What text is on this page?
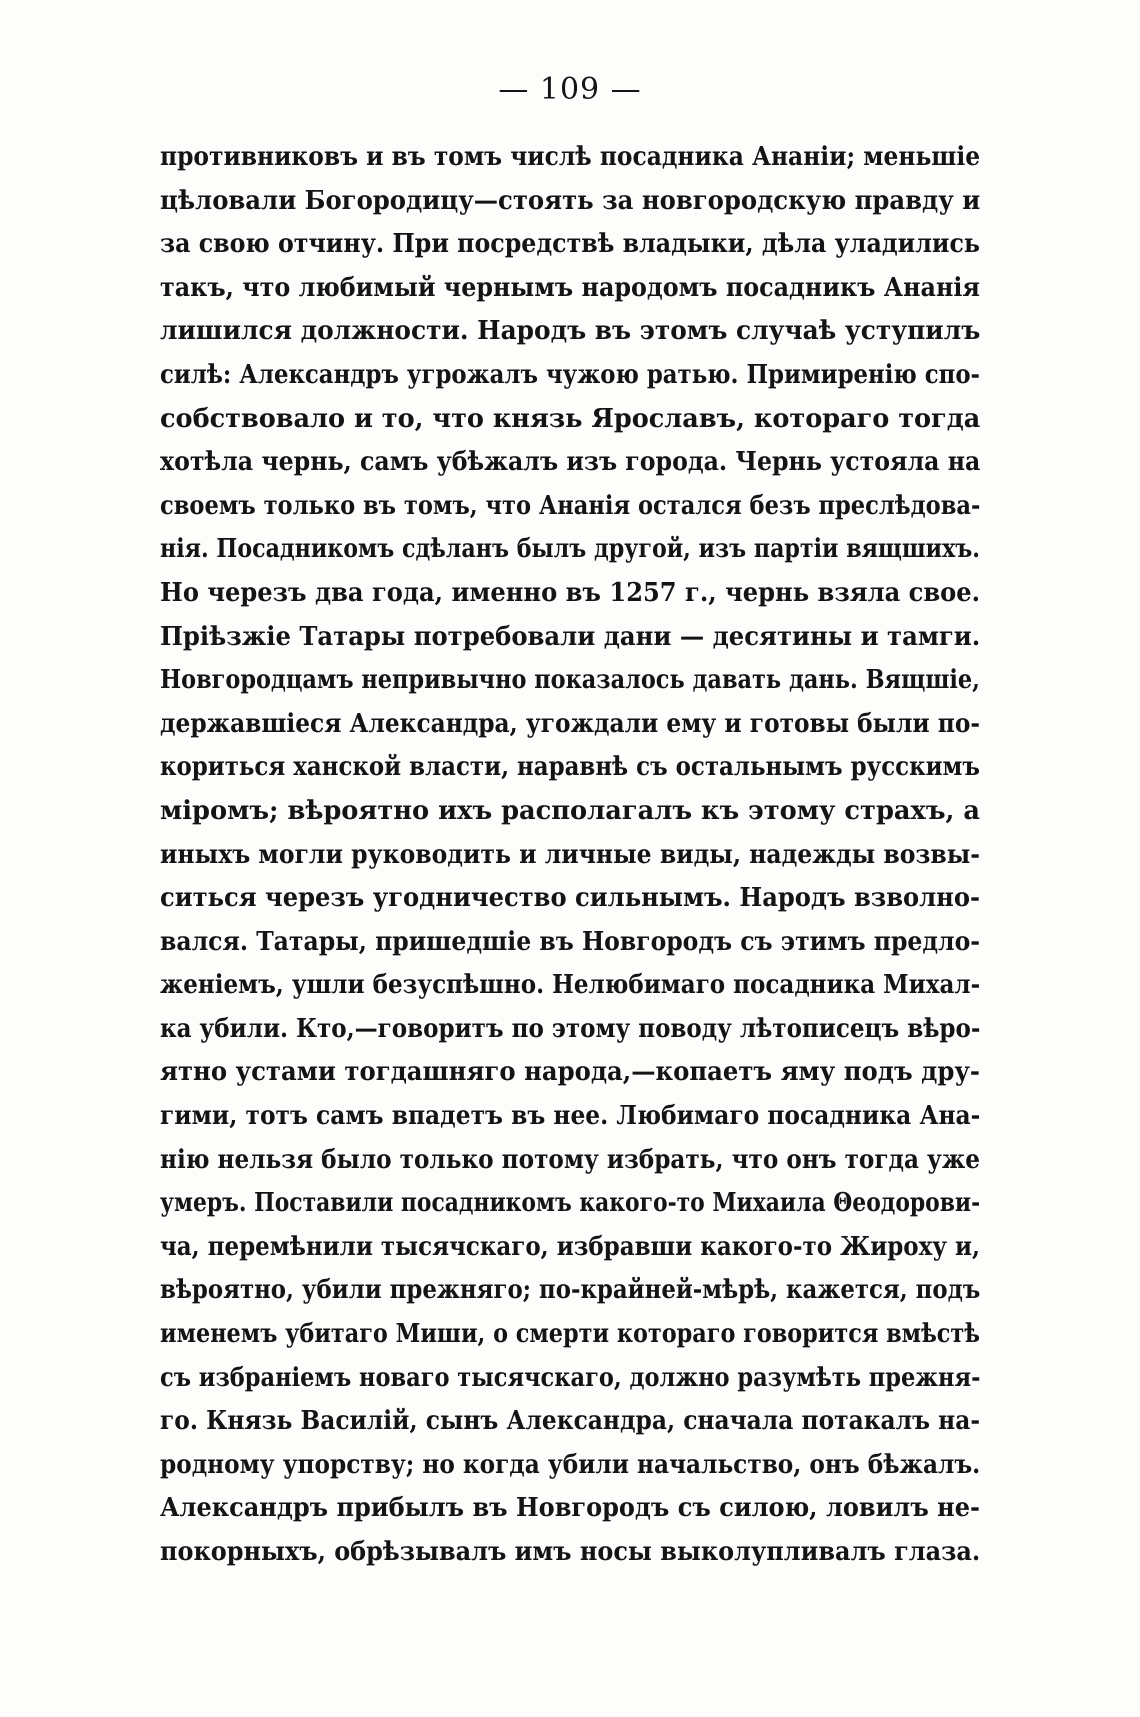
— 109 —
противниковъ и въ томъ числѣ посадника Ананiи; меньшiе
цѣловали Богородицу—стоять за новгородскую правду и
за свою отчину. При посредствѣ владыки, дѣла уладились
такъ, что любимый чернымъ народомъ посадникъ Ананiя
лишился должности. Народъ въ этомъ случаѣ уступилъ
силѣ: Александръ угрожалъ чужою ратью. Примиренiю спо-
собствовало и то, что князь Ярославъ, котораго тогда
хотѣла чернь, самъ убѣжалъ изъ города. Чернь устояла на
своемъ только въ томъ, что Ананiя остался безъ преслѣдова-
нiя. Посадникомъ сдѣланъ былъ другой, изъ партiи вящшихъ.
Но черезъ два года, именно въ 1257 г., чернь взяла свое.
Прiѣзжiе Татары потребовали дани — десятины и тамги.
Новгородцамъ непривычно показалось давать дань. Вящшiе,
державшiеся Александра, угождали ему и готовы были по-
кориться ханской власти, наравнѣ съ остальнымъ русскимъ
мiромъ; вѣроятно ихъ располагалъ къ этому страхъ, а
иныхъ могли руководить и личные виды, надежды возвы-
ситься черезъ угодничество сильнымъ. Народъ взволно-
вался. Татары, пришедшiе въ Новгородъ съ этимъ предло-
женiемъ, ушли безуспѣшно. Нелюбимаго посадника Михал-
ка убили. Кто,—говоритъ по этому поводу лѣтописецъ вѣро-
ятно устами тогдашняго народа,—копаетъ яму подъ дру-
гими, тотъ самъ впадетъ въ нее. Любимаго посадника Ана-
нiю нельзя было только потому избрать, что онъ тогда уже
умеръ. Поставили посадникомъ какого-то Михаила Θеодорови-
ча, перемѣнили тысячскаго, избравши какого-то Жироху и,
вѣроятно, убили прежняго; по-крайней-мѣрѣ, кажется, подъ
именемъ убитаго Миши, о смерти котораго говорится вмѣстѣ
съ избранiемъ новаго тысячскаго, должно разумѣть прежня-
го. Князь Василiй, сынъ Александра, сначала потакалъ на-
родному упорству; но когда убили начальство, онъ бѣжалъ.
Александръ прибылъ въ Новгородъ съ силою, ловилъ не-
покорныхъ, обрѣзывалъ имъ носы выколупливалъ глаза.
